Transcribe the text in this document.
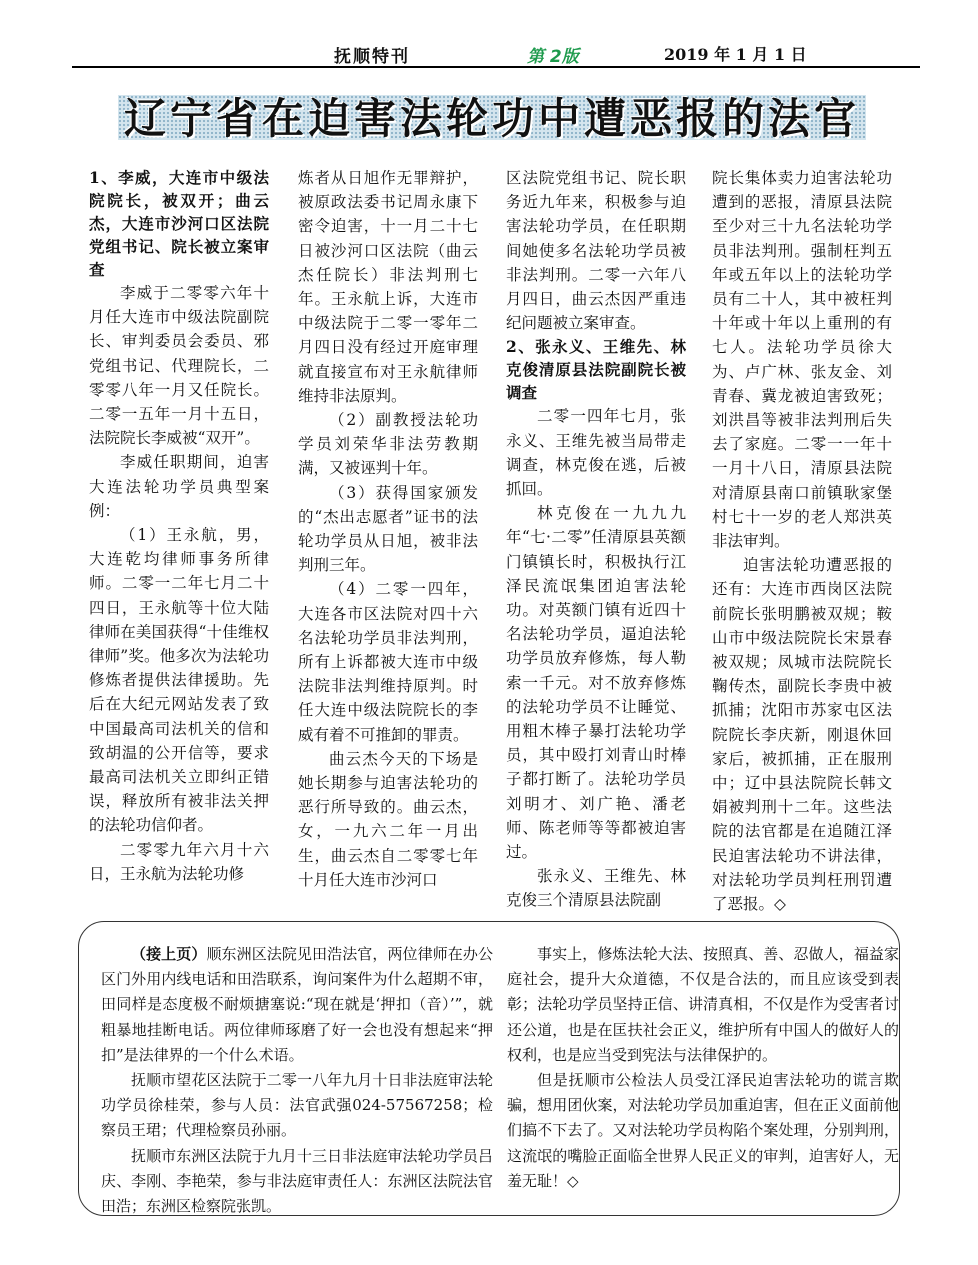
抚顺特刊	第 2版	2019 年 1 月 1 日
辽宁省在迫害法轮功中遭恶报的法官

1、李威，大连市中级法院院长，被双开；曲云杰，大连市沙河口区法院党组书记、院长被立案审查

李威于二零零六年十月任大连市中级法院副院长、审判委员会委员、邪党组书记、代理院长，二零零八年一月又任院长。二零一五年一月十五日，法院院长李威被“双开”。

李威任职期间，迫害大连法轮功学员典型案例：

（1）王永航，男，大连乾均律师事务所律师。二零一二年七月二十四日，王永航等十位大陆律师在美国获得“十佳维权律师”奖。他多次为法轮功修炼者提供法律援助。先后在大纪元网站发表了致中国最高司法机关的信和致胡温的公开信等，要求最高司法机关立即纠正错误，释放所有被非法关押的法轮功信仰者。

二零零九年六月十六日，王永航为法轮功修

炼者从日旭作无罪辩护，被原政法委书记周永康下密令迫害，十一月二十七日被沙河口区法院（曲云杰任院长）非法判刑七年。王永航上诉，大连市中级法院于二零一零年二月四日没有经过开庭审理就直接宣布对王永航律师维持非法原判。

（2）副教授法轮功学员刘荣华非法劳教期满，又被诬判十年。

（3）获得国家颁发的“杰出志愿者”证书的法轮功学员从日旭，被非法判刑三年。

（4）二零一四年，大连各市区法院对四十六名法轮功学员非法判刑，所有上诉都被大连市中级法院非法判维持原判。时任大连中级法院院长的李威有着不可推卸的罪责。

曲云杰今天的下场是她长期参与迫害法轮功的恶行所导致的。曲云杰，女，一九六二年一月出生，曲云杰自二零零七年十月任大连市沙河口

区法院党组书记、院长职务近九年来，积极参与迫害法轮功学员，在任职期间她使多名法轮功学员被非法判刑。二零一六年八月四日，曲云杰因严重违纪问题被立案审查。

2、张永义、王维先、林克俊清原县法院副院长被调查

二零一四年七月，张永义、王维先被当局带走调查，林克俊在逃，后被抓回。

林克俊在一九九九年“七·二零”任清原县英额门镇镇长时，积极执行江泽民流氓集团迫害法轮功。对英额门镇有近四十名法轮功学员，逼迫法轮功学员放弃修炼，每人勒索一千元。对不放弃修炼的法轮功学员不让睡觉、用粗木棒子暴打法轮功学员，其中殴打刘青山时棒子都打断了。法轮功学员刘明才、刘广艳、潘老师、陈老师等等都被迫害过。

张永义、王维先、林克俊三个清原县法院副

院长集体卖力迫害法轮功遭到的恶报，清原县法院至少对三十九名法轮功学员非法判刑。强制枉判五年或五年以上的法轮功学员有二十人，其中被枉判十年或十年以上重刑的有七人。法轮功学员徐大为、卢广林、张友金、刘青春、冀龙被迫害致死；刘洪昌等被非法判刑后失去了家庭。二零一一年十一月十八日，清原县法院对清原县南口前镇耿家堡村七十一岁的老人郑洪英非法审判。

迫害法轮功遭恶报的还有：大连市西岗区法院前院长张明鹏被双规；鞍山市中级法院院长宋景春被双规；凤城市法院院长鞠传杰，副院长李贵中被抓捕；沈阳市苏家屯区法院院长李庆新，刚退休回家后，被抓捕，正在服刑中；辽中县法院院长韩文娟被判刑十二年。这些法院的法官都是在追随江泽民迫害法轮功不讲法律，对法轮功学员判枉刑罚遭了恶报。◇

（接上页）顺东洲区法院见田浩法官，两位律师在办公区门外用内线电话和田浩联系，询问案件为什么超期不审，田同样是态度极不耐烦搪塞说:“现在就是‘押扣（音）’”，就粗暴地挂断电话。两位律师琢磨了好一会也没有想起来“押扣”是法律界的一个什么术语。

抚顺市望花区法院于二零一八年九月十日非法庭审法轮功学员徐桂荣，参与人员：法官武强024-57567258；检察员王珺；代理检察员孙丽。

抚顺市东洲区法院于九月十三日非法庭审法轮功学员吕庆、李刚、李艳荣，参与非法庭审责任人：东洲区法院法官田浩；东洲区检察院张凯。

事实上，修炼法轮大法、按照真、善、忍做人，福益家庭社会，提升大众道德，不仅是合法的，而且应该受到表彰；法轮功学员坚持正信、讲清真相，不仅是作为受害者讨还公道，也是在匡扶社会正义，维护所有中国人的做好人的权利，也是应当受到宪法与法律保护的。

但是抚顺市公检法人员受江泽民迫害法轮功的谎言欺骗，想用团伙案，对法轮功学员加重迫害，但在正义面前他们搞不下去了。又对法轮功学员构陷个案处理，分别判刑，这流氓的嘴脸正面临全世界人民正义的审判，迫害好人，无羞无耻！◇
